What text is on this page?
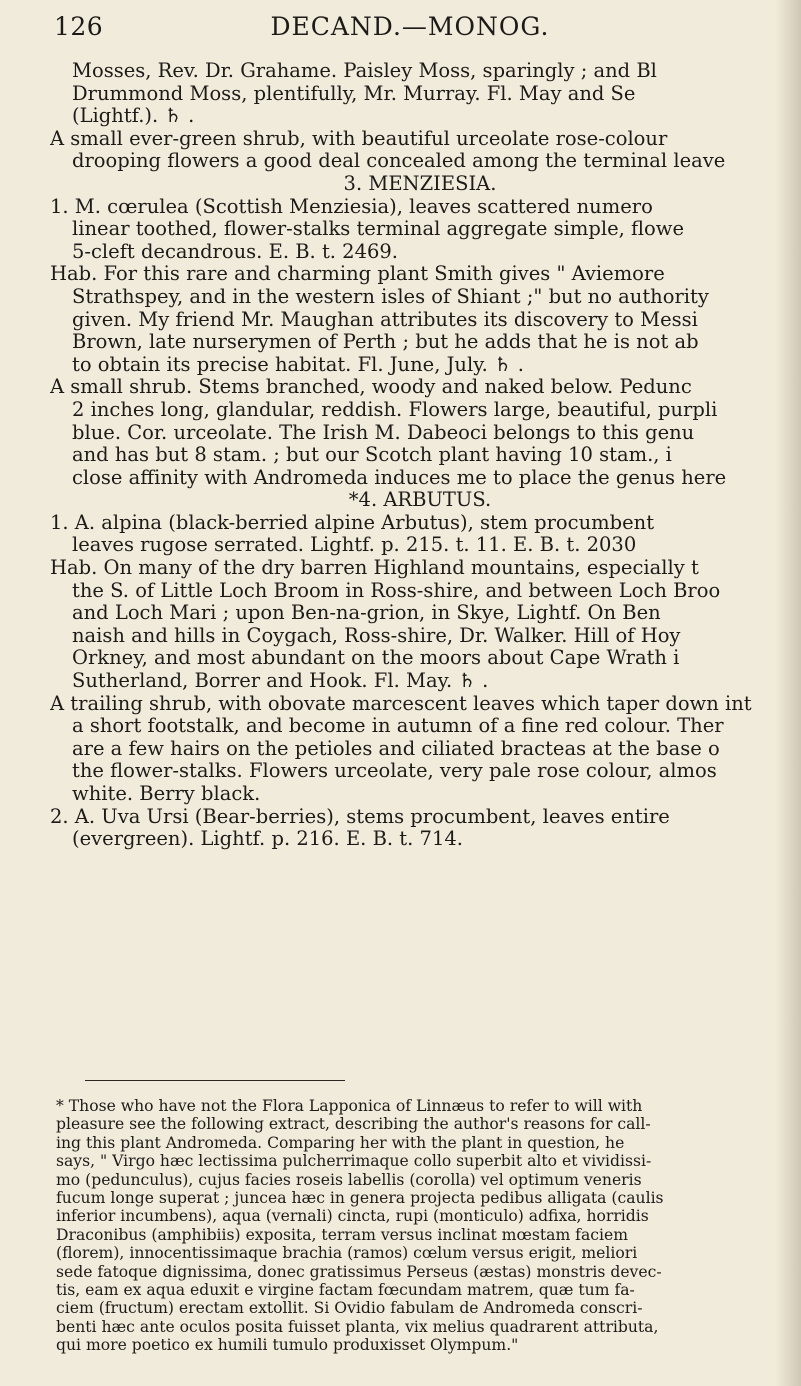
126	DECAND.—MONOG.

Mosses, Rev. Dr. Grahame. Paisley Moss, sparingly ; and Bl

Drummond Moss, plentifully, Mr. Murray. Fl. May and Se

(Lightf.). ♄ .

A small ever-green shrub, with beautiful urceolate rose-colour

drooping flowers a good deal concealed among the terminal leave

3. MENZIESIA.

1. M. cœrulea (Scottish Menziesia), leaves scattered numero

linear toothed, flower-stalks terminal aggregate simple, flowe

5-cleft decandrous. E. B. t. 2469.

Hab. For this rare and charming plant Smith gives " Aviemore

Strathspey, and in the western isles of Shiant ;" but no authority

given. My friend Mr. Maughan attributes its discovery to Messi

Brown, late nurserymen of Perth ; but he adds that he is not ab

to obtain its precise habitat. Fl. June, July. ♄ .

A small shrub. Stems branched, woody and naked below. Pedunc

2 inches long, glandular, reddish. Flowers large, beautiful, purpli

blue. Cor. urceolate. The Irish M. Dabeoci belongs to this genu

and has but 8 stam. ; but our Scotch plant having 10 stam., i

close affinity with Andromeda induces me to place the genus here

*4. ARBUTUS.

1. A. alpina (black-berried alpine Arbutus), stem procumbent

leaves rugose serrated. Lightf. p. 215. t. 11. E. B. t. 2030

Hab. On many of the dry barren Highland mountains, especially t

the S. of Little Loch Broom in Ross-shire, and between Loch Broo

and Loch Mari ; upon Ben-na-grion, in Skye, Lightf. On Ben

naish and hills in Coygach, Ross-shire, Dr. Walker. Hill of Hoy

Orkney, and most abundant on the moors about Cape Wrath i

Sutherland, Borrer and Hook. Fl. May. ♄ .

A trailing shrub, with obovate marcescent leaves which taper down int

a short footstalk, and become in autumn of a fine red colour. Ther

are a few hairs on the petioles and ciliated bracteas at the base o

the flower-stalks. Flowers urceolate, very pale rose colour, almos

white. Berry black.

2. A. Uva Ursi (Bear-berries), stems procumbent, leaves entire

(evergreen). Lightf. p. 216. E. B. t. 714.

* Those who have not the Flora Lapponica of Linnæus to refer to will with

pleasure see the following extract, describing the author's reasons for call-

ing this plant Andromeda. Comparing her with the plant in question, he

says, " Virgo hæc lectissima pulcherrimaque collo superbit alto et vividissi-

mo (pedunculus), cujus facies roseis labellis (corolla) vel optimum veneris

fucum longe superat ; juncea hæc in genera projecta pedibus alligata (caulis

inferior incumbens), aqua (vernali) cincta, rupi (monticulo) adfixa, horridis

Draconibus (amphibiis) exposita, terram versus inclinat mœstam faciem

(florem), innocentissimaque brachia (ramos) cœlum versus erigit, meliori

sede fatoque dignissima, donec gratissimus Perseus (æstas) monstris devec-

tis, eam ex aqua eduxit e virgine factam fœcundam matrem, quæ tum fa-

ciem (fructum) erectam extollit. Si Ovidio fabulam de Andromeda conscri-

benti hæc ante oculos posita fuisset planta, vix melius quadrarent attributa,

qui more poetico ex humili tumulo produxisset Olympum."
